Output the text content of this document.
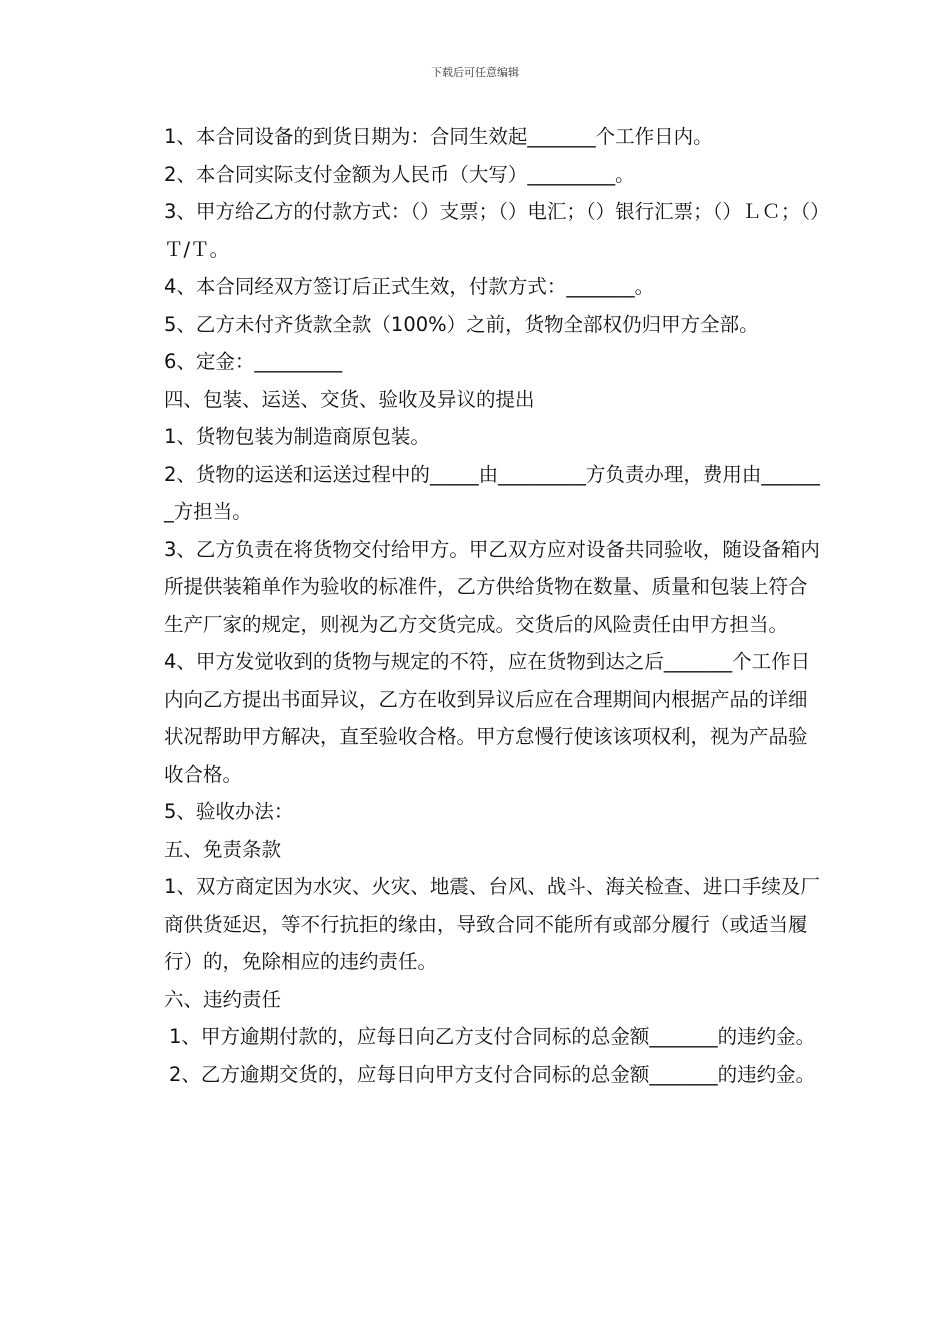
下载后可任意编辑

1、本合同设备的到货日期为：合同生效起_______个工作日内。

2、本合同实际支付金额为人民币（大写）_________。

3、甲方给乙方的付款方式：（）支票；（）电汇；（）银行汇票；（）ＬＣ；（）Ｔ/Ｔ。

4、本合同经双方签订后正式生效，付款方式：_______。

5、乙方未付齐货款全款（100%）之前，货物全部权仍归甲方全部。

6、定金：_________

四、包装、运送、交货、验收及异议的提出

1、货物包装为制造商原包装。

2、货物的运送和运送过程中的_____由_________方负责办理，费用由_______方担当。

3、乙方负责在将货物交付给甲方。甲乙双方应对设备共同验收，随设备箱内所提供装箱单作为验收的标准件，乙方供给货物在数量、质量和包装上符合生产厂家的规定，则视为乙方交货完成。交货后的风险责任由甲方担当。

4、甲方发觉收到的货物与规定的不符，应在货物到达之后_______个工作日内向乙方提出书面异议，乙方在收到异议后应在合理期间内根据产品的详细状况帮助甲方解决，直至验收合格。甲方怠慢行使该该项权利，视为产品验收合格。

5、验收办法：

五、免责条款

1、双方商定因为水灾、火灾、地震、台风、战斗、海关检查、进口手续及厂商供货延迟，等不行抗拒的缘由，导致合同不能所有或部分履行（或适当履行）的，免除相应的违约责任。

六、违约责任

1、甲方逾期付款的，应每日向乙方支付合同标的总金额_______的违约金。

2、乙方逾期交货的，应每日向甲方支付合同标的总金额_______的违约金。
